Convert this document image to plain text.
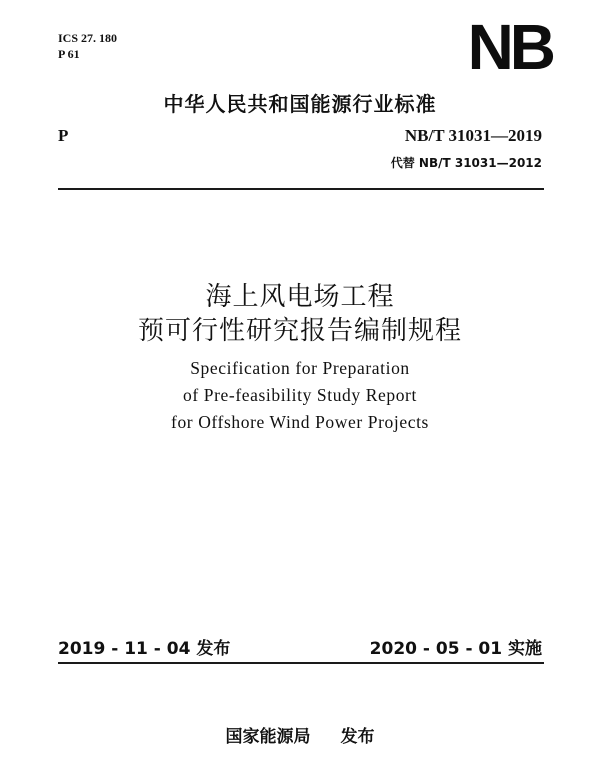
ICS 27. 180
P 61	NB
中华人民共和国能源行业标准
P	NB/T 31031—2019
代替 NB/T 31031—2012
海上风电场工程
预可行性研究报告编制规程
Specification for Preparation
of Pre-feasibility Study Report
for Offshore Wind Power Projects
2019 - 11 - 04 发布	2020 - 05 - 01 实施
国家能源局 发布
